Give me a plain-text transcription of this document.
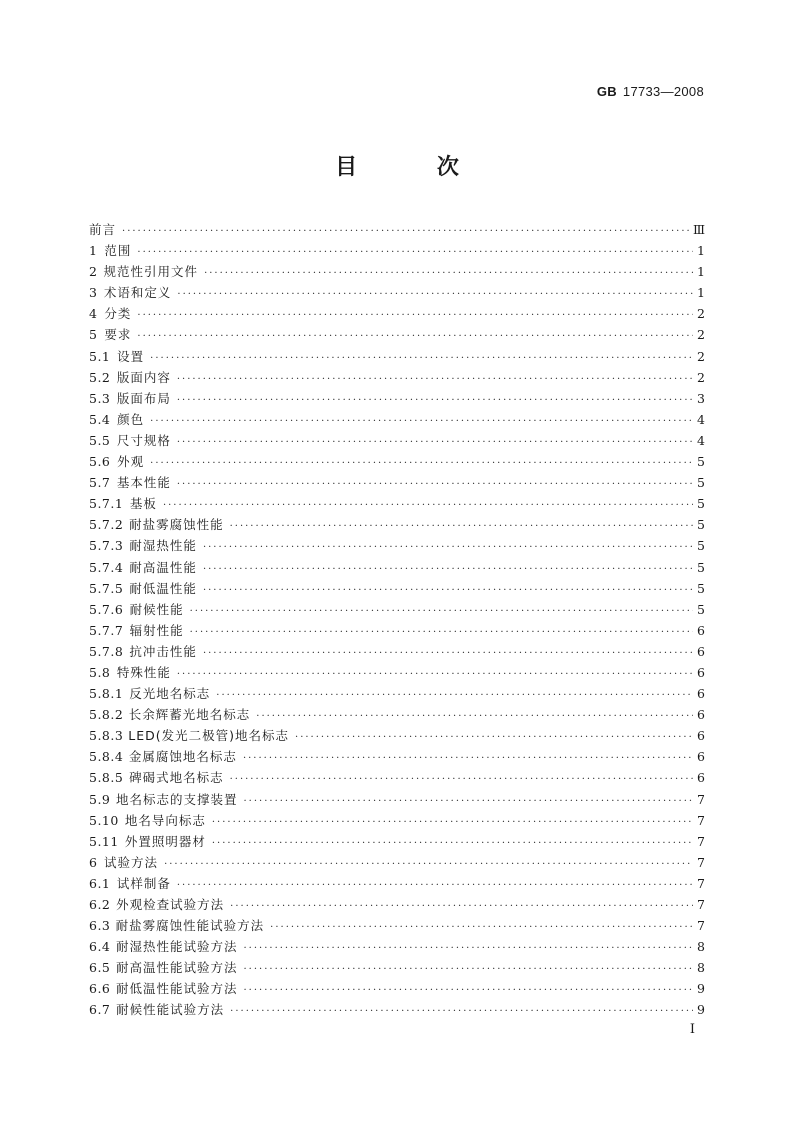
GB 17733—2008
目 次
前言 ·····	Ⅲ
1 范围 ·····	1
2 规范性引用文件 ·····	1
3 术语和定义 ·····	1
4 分类 ·····	2
5 要求 ·····	2
5.1 设置 ·····	2
5.2 版面内容 ·····	2
5.3 版面布局 ·····	3
5.4 颜色 ·····	4
5.5 尺寸规格 ·····	4
5.6 外观 ·····	5
5.7 基本性能 ·····	5
5.7.1 基板 ·····	5
5.7.2 耐盐雾腐蚀性能 ·····	5
5.7.3 耐湿热性能 ·····	5
5.7.4 耐高温性能 ·····	5
5.7.5 耐低温性能 ·····	5
5.7.6 耐候性能 ·····	5
5.7.7 辐射性能 ·····	6
5.7.8 抗冲击性能 ·····	6
5.8 特殊性能 ·····	6
5.8.1 反光地名标志 ·····	6
5.8.2 长余辉蓄光地名标志 ·····	6
5.8.3 LED(发光二极管)地名标志 ·····	6
5.8.4 金属腐蚀地名标志 ·····	6
5.8.5 碑碣式地名标志 ·····	6
5.9 地名标志的支撑装置 ·····	7
5.10 地名导向标志 ·····	7
5.11 外置照明器材 ·····	7
6 试验方法 ·····	7
6.1 试样制备 ·····	7
6.2 外观检查试验方法 ·····	7
6.3 耐盐雾腐蚀性能试验方法 ·····	7
6.4 耐湿热性能试验方法 ·····	8
6.5 耐高温性能试验方法 ·····	8
6.6 耐低温性能试验方法 ·····	9
6.7 耐候性能试验方法 ·····	9
I
